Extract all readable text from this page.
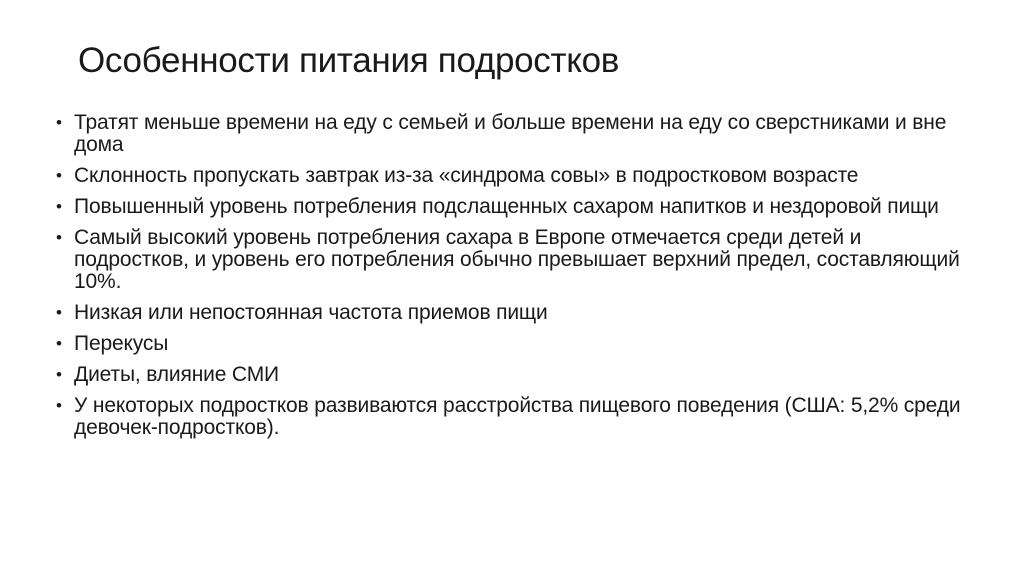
Особенности питания подростков
• Тратят меньше времени на еду с семьей и больше времени на еду со сверстниками и вне дома
• Склонность пропускать завтрак из-за «синдрома совы» в подростковом возрасте
• Повышенный уровень потребления подслащенных сахаром напитков и нездоровой пищи
• Самый высокий уровень потребления сахара в Европе отмечается среди детей и подростков, и уровень его потребления обычно превышает верхний предел, составляющий 10%.
• Низкая или непостоянная частота приемов пищи
• Перекусы
• Диеты, влияние СМИ
• У некоторых подростков развиваются расстройства пищевого поведения (США: 5,2% среди девочек-подростков).
